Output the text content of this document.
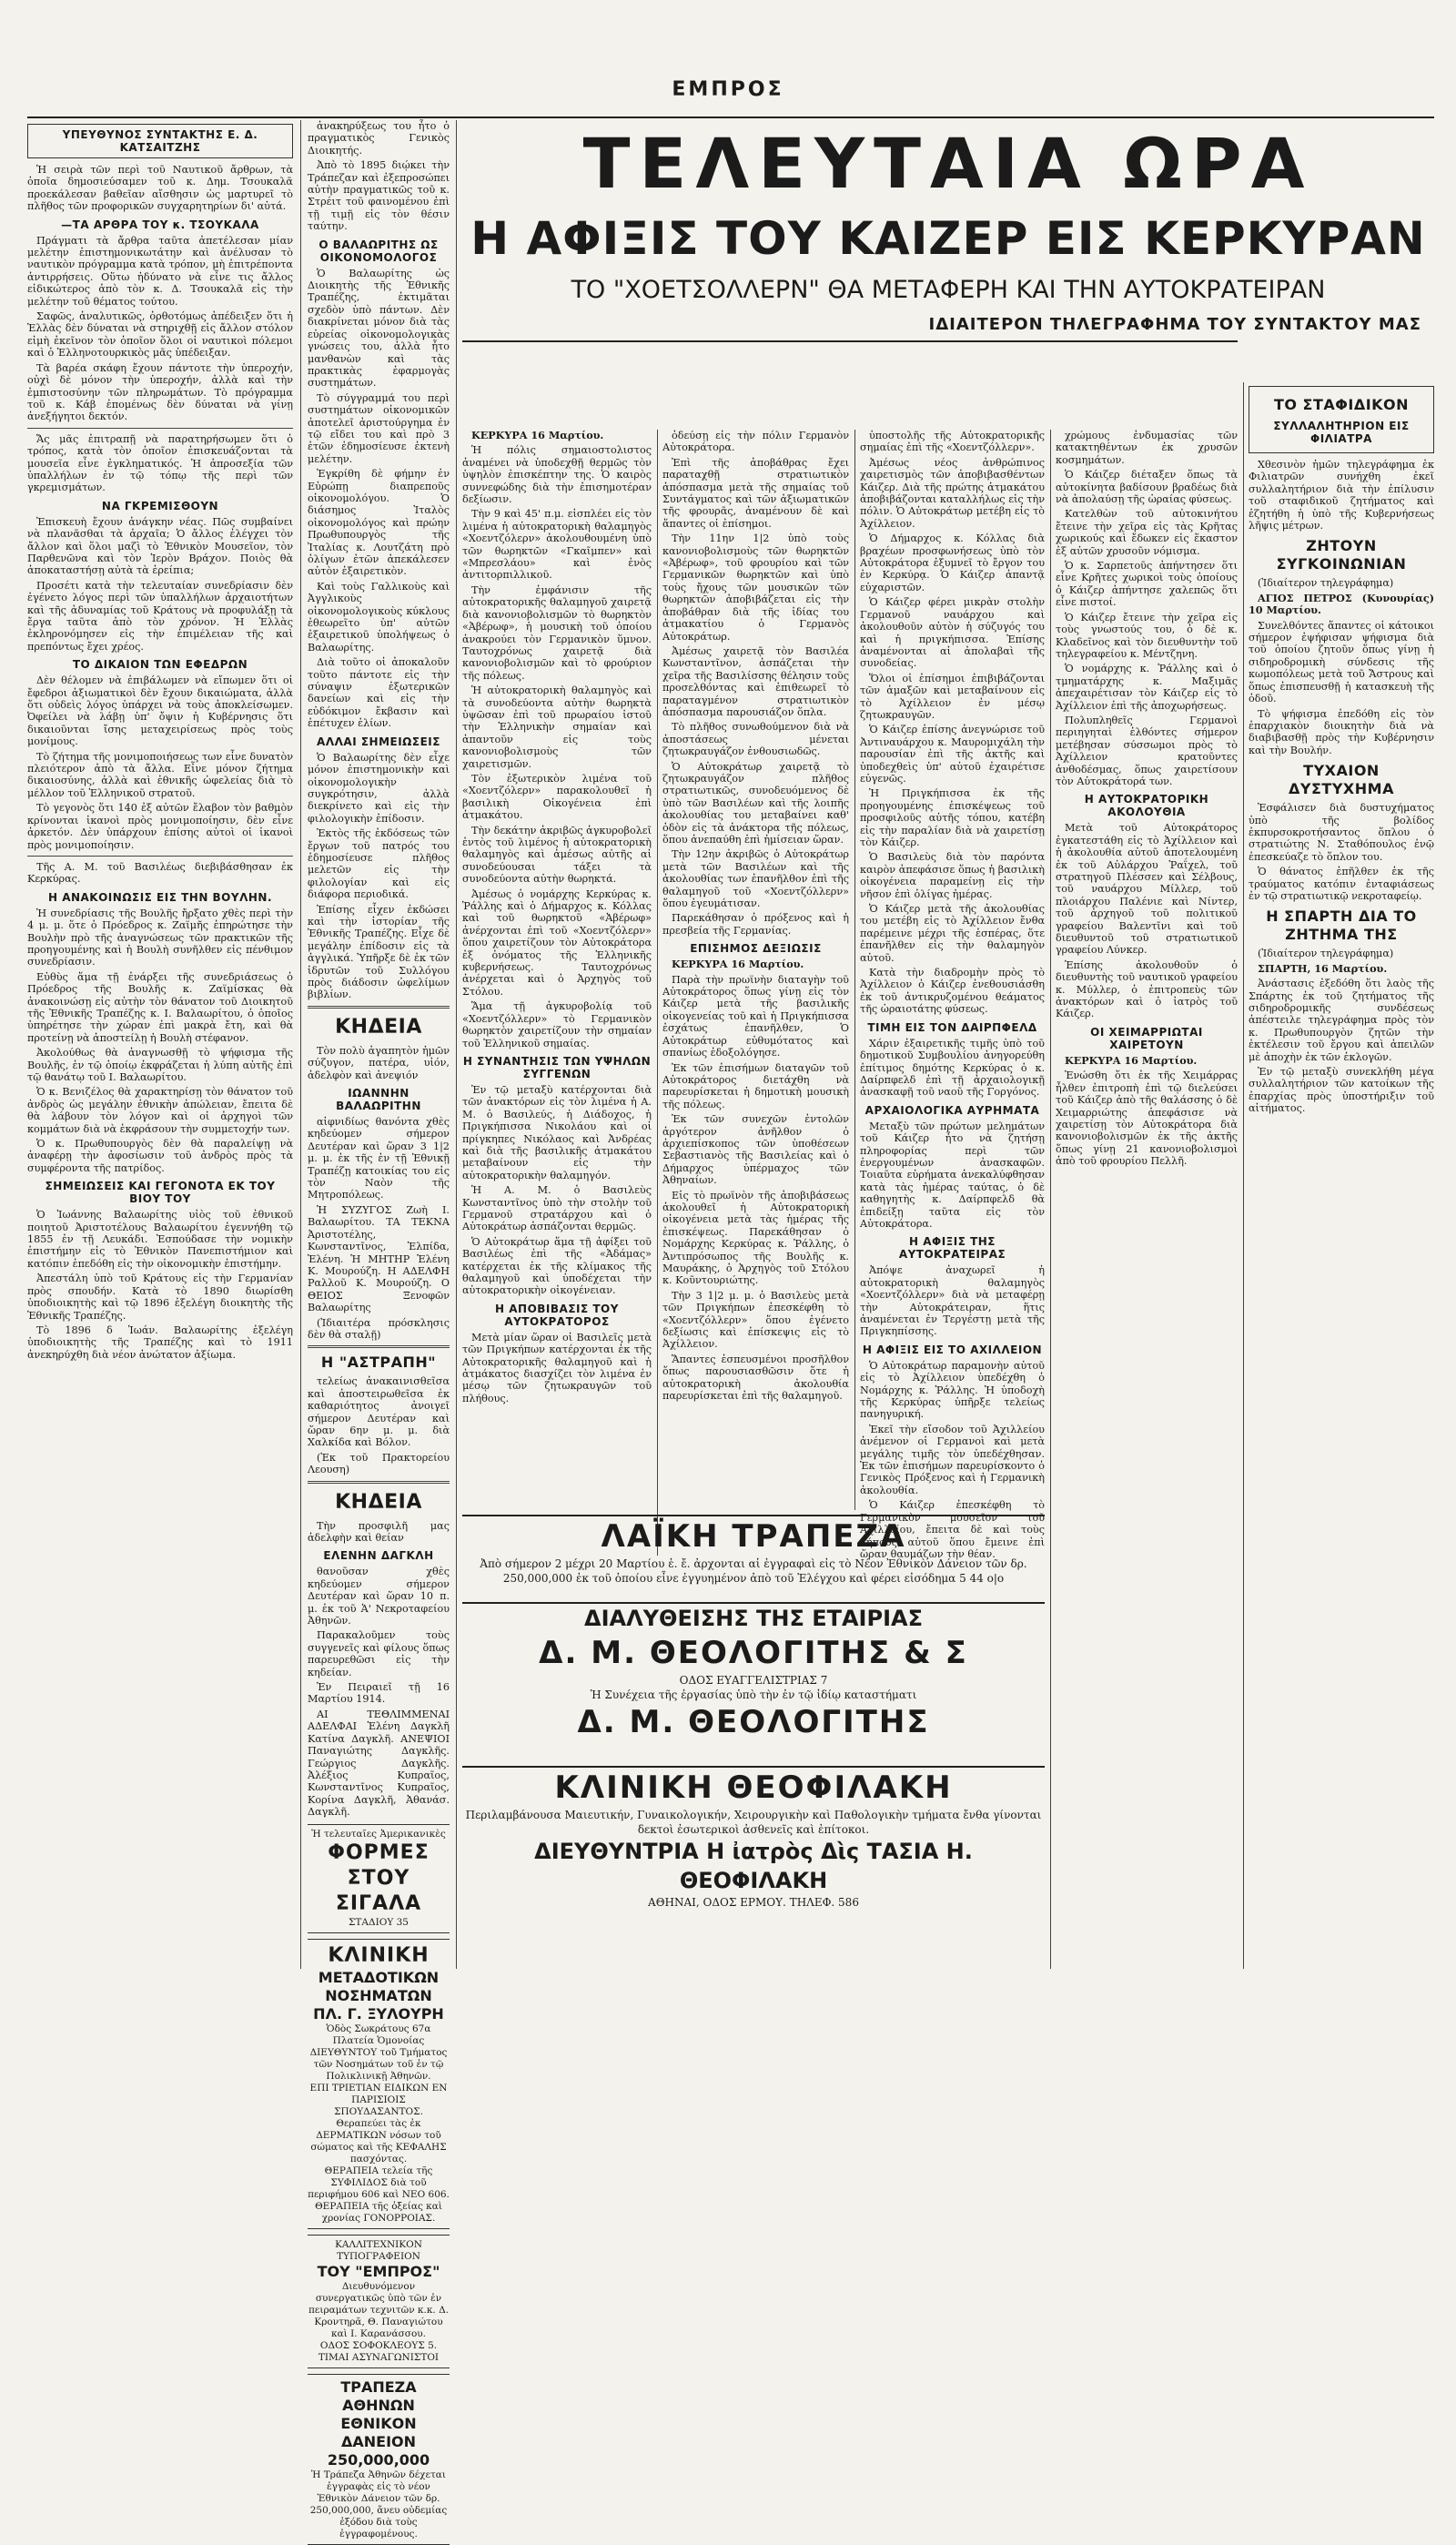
ΕΜΠΡΟΣ
ΥΠΕΥΘΥΝΟΣ ΣΥΝΤΑΚΤΗΣ Ε. Δ. ΚΑΤΣΑΙΤΖΗΣ

Ἡ σειρὰ τῶν περὶ τοῦ Ναυτικοῦ ἄρθρων, τὰ ὁποῖα δημοσιεύσαμεν τοῦ κ. Δημ. Τσουκαλᾶ προεκάλεσαν βαθεῖαν αἴσθησιν ὡς μαρτυρεῖ τὸ πλῆθος τῶν προφορικῶν συγχαρητηρίων δι' αὐτά.

—ΤΑ ΑΡΘΡΑ ΤΟΥ κ. ΤΣΟΥΚΑΛΑ

Πράγματι τὰ ἄρθρα ταῦτα ἀπετέλεσαν μίαν μελέτην ἐπιστημονικωτάτην καὶ ἀνέλυσαν τὸ ναυτικὸν πρόγραμμα κατὰ τρόπον, μὴ ἐπιτρέποντα ἀντιρρήσεις. Οὕτω ἠδύνατο νὰ εἶνε τις ἄλλος εἰδικώτερος ἀπὸ τὸν κ. Δ. Τσουκαλᾶ εἰς τὴν μελέτην τοῦ θέματος τούτου.

Σαφῶς, ἀναλυτικῶς, ὀρθοτόμως ἀπέδειξεν ὅτι ἡ Ἑλλὰς δὲν δύναται νὰ στηριχθῇ εἰς ἄλλον στόλον εἰμὴ ἐκεῖνον τὸν ὁποῖον ὅλοι οἱ ναυτικοὶ πόλεμοι καὶ ὁ Ἑλληνοτουρκικὸς μᾶς ὑπέδειξαν.

Τὰ βαρέα σκάφη ἔχουν πάντοτε τὴν ὑπεροχήν, οὐχὶ δὲ μόνον τὴν ὑπεροχήν, ἀλλὰ καὶ τὴν ἐμπιστοσύνην τῶν πληρωμάτων. Τὸ πρόγραμμα τοῦ κ. Κάβ ἐπομένως δὲν δύναται νὰ γίνῃ ἀνεξήγητοι δεκτόν.

Ἄς μᾶς ἐπιτραπῇ νὰ παρατηρήσωμεν ὅτι ὁ τρόπος, κατὰ τὸν ὁποῖον ἐπισκευάζονται τὰ μουσεῖα εἶνε ἐγκληματικός. Ἡ ἀπροσεξία τῶν ὑπαλλήλων ἐν τῷ τόπῳ τῆς περὶ τῶν γκρεμισμάτων.

ΝΑ ΓΚΡΕΜΙΣΘΟΥΝ

Ἐπισκευὴ ἔχουν ἀνάγκην νέας. Πῶς συμβαίνει νὰ πλανᾶσθαι τὰ ἀρχαῖα; Ὁ ἄλλος ἐλέγχει τὸν ἄλλον καὶ ὅλοι μαζὶ τὸ Ἐθνικὸν Μουσεῖον, τὸν Παρθενῶνα καὶ τὸν Ἱερὸν Βράχον. Ποιὸς θὰ ἀποκαταστήσῃ αὐτὰ τὰ ἐρείπια;

Προσέτι κατὰ τὴν τελευταίαν συνεδρίασιν δὲν ἐγένετο λόγος περὶ τῶν ὑπαλλήλων ἀρχαιοτήτων καὶ τῆς ἀδυναμίας τοῦ Κράτους νὰ προφυλάξῃ τὰ ἔργα ταῦτα ἀπὸ τὸν χρόνον. Ἡ Ἑλλὰς ἐκληρονόμησεν εἰς τὴν ἐπιμέλειαν τῆς καὶ πρεπόντως ἔχει χρέος.

ΤΟ ΔΙΚΑΙΟΝ ΤΩΝ ΕΦΕΔΡΩΝ

Δὲν θέλομεν νὰ ἐπιβάλωμεν νὰ εἴπωμεν ὅτι οἱ ἔφεδροι ἀξιωματικοὶ δὲν ἔχουν δικαιώματα, ἀλλὰ ὅτι οὐδεὶς λόγος ὑπάρχει νὰ τοὺς ἀποκλείσωμεν. Ὀφείλει νὰ λάβῃ ὑπ' ὄψιν ἡ Κυβέρνησις ὅτι δικαιοῦνται ἴσης μεταχειρίσεως πρὸς τοὺς μονίμους.

Τὸ ζήτημα τῆς μονιμοποιήσεως των εἶνε δυνατὸν πλειότερον ἀπὸ τὰ ἄλλα. Εἶνε μόνον ζήτημα δικαιοσύνης, ἀλλὰ καὶ ἐθνικῆς ὠφελείας διὰ τὸ μέλλον τοῦ Ἑλληνικοῦ στρατοῦ.

Τὸ γεγονὸς ὅτι 140 ἐξ αὐτῶν ἔλαβον τὸν βαθμὸν κρίνονται ἱκανοὶ πρὸς μονιμοποίησιν, δὲν εἶνε ἀρκετόν. Δὲν ὑπάρχουν ἐπίσης αὐτοὶ οἱ ἱκανοὶ πρὸς μονιμοποίησιν.

Τῆς Α. Μ. τοῦ Βασιλέως διεβιβάσθησαν ἐκ Κερκύρας.

Η ΑΝΑΚΟΙΝΩΣΙΣ ΕΙΣ ΤΗΝ ΒΟΥΛΗΝ.

Ἡ συνεδρίασις τῆς Βουλῆς ἤρξατο χθὲς περὶ τὴν 4 μ. μ. ὅτε ὁ Πρόεδρος κ. Ζαϊμῆς ἐπηρώτησε τὴν Βουλὴν πρὸ τῆς ἀναγνώσεως τῶν πρακτικῶν τῆς προηγουμένης καὶ ἡ Βουλὴ συνῆλθεν εἰς πένθιμον συνεδρίασιν.

Εὐθὺς ἅμα τῇ ἐνάρξει τῆς συνεδριάσεως ὁ Πρόεδρος τῆς Βουλῆς κ. Ζαϊμίσκας θὰ ἀνακοινώσῃ εἰς αὐτὴν τὸν θάνατον τοῦ Διοικητοῦ τῆς Ἐθνικῆς Τραπέζης κ. Ι. Βαλαωρίτου, ὁ ὁποῖος ὑπηρέτησε τὴν χώραν ἐπὶ μακρὰ ἔτη, καὶ θὰ προτείνῃ νὰ ἀποστείλῃ ἡ Βουλὴ στέφανον.

Ἀκολούθως θὰ ἀναγνωσθῇ τὸ ψήφισμα τῆς Βουλῆς, ἐν τῷ ὁποίῳ ἐκφράζεται ἡ λύπη αὐτῆς ἐπὶ τῷ θανάτῳ τοῦ Ι. Βαλαωρίτου.

Ὁ κ. Βενιζέλος θὰ χαρακτηρίσῃ τὸν θάνατον τοῦ ἀνδρὸς ὡς μεγάλην ἐθνικὴν ἀπώλειαν, ἔπειτα δὲ θὰ λάβουν τὸν λόγον καὶ οἱ ἀρχηγοὶ τῶν κομμάτων διὰ νὰ ἐκφράσουν τὴν συμμετοχήν των.

Ὁ κ. Πρωθυπουργὸς δὲν θὰ παραλείψῃ νὰ ἀναφέρῃ τὴν ἀφοσίωσιν τοῦ ἀνδρὸς πρὸς τὰ συμφέροντα τῆς πατρίδος.

ΣΗΜΕΙΩΣΕΙΣ ΚΑΙ ΓΕΓΟΝΟΤΑ ΕΚ ΤΟΥ ΒΙΟΥ ΤΟΥ

Ὁ Ἰωάννης Βαλαωρίτης υἱὸς τοῦ ἐθνικοῦ ποιητοῦ Ἀριστοτέλους Βαλαωρίτου ἐγεννήθη τῷ 1855 ἐν τῇ Λευκάδι. Ἐσπούδασε τὴν νομικὴν ἐπιστήμην εἰς τὸ Ἐθνικὸν Πανεπιστήμιον καὶ κατόπιν ἐπεδόθη εἰς τὴν οἰκονομικὴν ἐπιστήμην.

Ἀπεστάλη ὑπὸ τοῦ Κράτους εἰς τὴν Γερμανίαν πρὸς σπουδήν. Κατὰ τὸ 1890 διωρίσθη ὑποδιοικητὴς καὶ τῷ 1896 ἐξελέγη διοικητὴς τῆς Ἐθνικῆς Τραπέζης.

Τὸ 1896 δ Ἰωάν. Βαλαωρίτης ἐξελέγη ὑποδιοικητὴς τῆς Τραπέζης καὶ τὸ 1911 ἀνεκηρύχθη διὰ νέον ἀνώτατον ἀξίωμα.

ἀνακηρύξεως του ἦτο ὁ πραγματικὸς Γενικὸς Διοικητής.

Ἀπὸ τὸ 1895 διῴκει τὴν Τράπεζαν καὶ ἐξεπροσώπει αὐτὴν πραγματικῶς τοῦ κ. Στρέιτ τοῦ φαινομένου ἐπὶ τῇ τιμῇ εἰς τὸν θέσιν ταύτην.

Ο ΒΑΛΑΩΡΙΤΗΣ ΩΣ ΟΙΚΟΝΟΜΟΛΟΓΟΣ

Ὁ Βαλαωρίτης ὡς Διοικητὴς τῆς Ἐθνικῆς Τραπέζης, ἐκτιμᾶται σχεδὸν ὑπὸ πάντων. Δὲν διακρίνεται μόνον διὰ τὰς εὐρείας οἰκονομολογικὰς γνώσεις του, ἀλλὰ ἦτο μανθανὼν καὶ τὰς πρακτικὰς ἐφαρμογὰς συστημάτων.

Τὸ σύγγραμμά του περὶ συστημάτων οἰκονομικῶν ἀποτελεῖ ἀριστούργημα ἐν τῷ εἴδει του καὶ πρὸ 3 ἐτῶν ἐδημοσίευσε ἐκτενὴ μελέτην.

Ἐγκρίθη δὲ φήμην ἐν Εὐρώπῃ διαπρεποῦς οἰκονομολόγου. Ὁ διάσημος Ἰταλὸς οἰκονομολόγος καὶ πρώην Πρωθυπουργὸς τῆς Ἰταλίας κ. Λουτζάτη πρὸ ὀλίγων ἐτῶν ἀπεκάλεσεν αὐτὸν ἐξαιρετικὸν.

Καὶ τοὺς Γαλλικοὺς καὶ Ἀγγλικοὺς οἰκονομολογικοὺς κύκλους ἐθεωρεῖτο ὑπ' αὐτῶν ἐξαιρετικοῦ ὑπολήψεως ὁ Βαλαωρίτης.

Διὰ τοῦτο οἱ ἀποκαλοῦν τοῦτο πάντοτε εἰς τὴν σύναψιν ἐξωτερικῶν δανείων καὶ εἰς τὴν εὐδόκιμον ἔκβασιν καὶ ἐπέτυχεν ἐλίων.

ΑΛΛΑΙ ΣΗΜΕΙΩΣΕΙΣ

Ὁ Βαλαωρίτης δὲν εἶχε μόνον ἐπιστημονικὴν καὶ οἰκονομολογικὴν συγκρότησιν, ἀλλὰ διεκρίνετο καὶ εἰς τὴν φιλολογικὴν ἐπίδοσιν.

Ἐκτὸς τῆς ἐκδόσεως τῶν ἔργων τοῦ πατρός του ἐδημοσίευσε πλῆθος μελετῶν εἰς τὴν φιλολογίαν καὶ εἰς διάφορα περιοδικά.

Ἐπίσης εἶχεν ἐκδώσει καὶ τὴν ἱστορίαν τῆς Ἐθνικῆς Τραπέζης. Εἶχε δὲ μεγάλην ἐπίδοσιν εἰς τὰ ἀγγλικά. Ὑπῆρξε δὲ ἐκ τῶν ἱδρυτῶν τοῦ Συλλόγου πρὸς διάδοσιν ὠφελίμων βιβλίων.

ΚΗΔΕΙΑ

Τὸν πολὺ ἀγαπητὸν ἡμῶν σύζυγον, πατέρα, υἱόν, ἀδελφὸν καὶ ἀνεψιόν

ΙΩΑΝΝΗΝ ΒΑΛΑΩΡΙΤΗΝ

αἰφνιδίως θανόντα χθὲς κηδεύομεν σήμερον Δευτέραν καὶ ὥραν 3 1|2 μ. μ. ἐκ τῆς ἐν τῇ Ἐθνικῇ Τραπέζῃ κατοικίας του εἰς τὸν Ναὸν τῆς Μητροπόλεως.

Ἡ ΣΥΖΥΓΟΣ Ζωὴ Ι. Βαλαωρίτου. ΤΑ ΤΕΚΝΑ Ἀριστοτέλης, Κωνσταντῖνος, Ἐλπίδα, Ἑλένη. Ἡ ΜΗΤΗΡ Ἑλένη Κ. Μουρούζη. Η ΑΔΕΛΦΗ Ραλλοῦ Κ. Μουρούζη. Ο ΘΕΙΟΣ Ξενοφῶν Βαλαωρίτης

(Ἰδιαιτέρα πρόσκλησις δὲν θὰ σταλῇ)

Η "ΑΣΤΡΑΠΗ"

τελείως ἀνακαινισθεῖσα καὶ ἀποστειρωθεῖσα ἐκ καθαριότητος ἀνοιγεῖ σήμερον Δευτέραν καὶ ὥραν 6ην μ. μ. διὰ Χαλκίδα καὶ Βόλον.

(Ἐκ τοῦ Πρακτορείου Λεουση)

ΚΗΔΕΙΑ

Τὴν προσφιλῆ μας ἀδελφὴν καὶ θείαν

ΕΛΕΝΗΝ ΔΑΓΚΛΗ

θανοῦσαν χθὲς κηδεύομεν σήμερον Δευτέραν καὶ ὥραν 10 π. μ. ἐκ τοῦ Ἁ' Νεκροταφείου Ἀθηνῶν.

Παρακαλοῦμεν τοὺς συγγενεῖς καὶ φίλους ὅπως παρευρεθῶσι εἰς τὴν κηδείαν.

Ἐν Πειραιεῖ τῇ 16 Μαρτίου 1914.

ΑΙ ΤΕΘΛΙΜΜΕΝΑΙ ΑΔΕΛΦΑΙ Ἑλένη Δαγκλῆ Κατίνα Δαγκλῆ. ΑΝΕΨΙΟΙ Παναγιώτης Δαγκλῆς. Γεώργιος Δαγκλῆς. Ἀλέξιος Κυπραῖος, Κωνσταντῖνος Κυπραῖος, Κορίνα Δαγκλῆ, Ἀθανάσ. Δαγκλῆ.

Ἡ τελευταῖες Ἀμερικανικὲς
ΦΟΡΜΕΣ
ΣΤΟΥ ΣΙΓΑΛΑ
ΣΤΑΔΙΟΥ 35
ΚΛΙΝΙΚΗ
ΜΕΤΑΔΟΤΙΚΩΝ ΝΟΣΗΜΑΤΩΝ
ΠΛ. Γ. ΞΥΛΟΥΡΗ
Ὁδὸς Σωκράτους 67α Πλατεία Ὁμονοίας
ΔΙΕΥΘΥΝΤΟΥ τοῦ Τμήματος τῶν Νοσημάτων τοῦ ἐν τῷ Πολικλινικῇ Ἀθηνῶν.
ΕΠΙ ΤΡΙΕΤΙΑΝ ΕΙΔΙΚΩΝ ΕΝ ΠΑΡΙΣΙΟΙΣ ΣΠΟΥΔΑΣΑΝΤΟΣ.
Θεραπεύει τὰς ἐκ ΔΕΡΜΑΤΙΚΩΝ νόσων τοῦ σώματος καὶ τῆς ΚΕΦΑΛΗΣ πασχόντας.
ΘΕΡΑΠΕΙΑ τελεία τῆς ΣΥΦΙΛΙΔΟΣ διὰ τοῦ περιφήμου 606 καὶ ΝΕΟ 606. ΘΕΡΑΠΕΙΑ τῆς ὀξείας καὶ χρονίας ΓΟΝΟΡΡΟΙΑΣ.
ΚΑΛΛΙΤΕΧΝΙΚΟΝ ΤΥΠΟΓΡΑΦΕΙΟΝ
ΤΟΥ "ΕΜΠΡΟΣ"
Διευθυνόμενον συνεργατικῶς ὑπὸ τῶν ἐν πειραμάτων τεχνιτῶν κ.κ. Δ. Κροντηρᾶ, Θ. Παναγιώτου καὶ Ι. Καρανάσσου.
ΟΔΟΣ ΣΟΦΟΚΛΕΟΥΣ 5.
ΤΙΜΑΙ ΑΣΥΝΑΓΩΝΙΣΤΟΙ
ΤΡΑΠΕΖΑ ΑΘΗΝΩΝ
ΕΘΝΙΚΟΝ ΔΑΝΕΙΟΝ
250,000,000
Ἡ Τράπεζα Ἀθηνῶν δέχεται ἐγγραφὰς εἰς τὸ νέον Ἐθνικὸν Δάνειον τῶν δρ. 250,000,000, ἄνευ οὐδεμίας ἐξόδου διὰ τοὺς ἐγγραφομένους.
ΤΕΛΕΥΤΑΙΑ ΩΡΑ
Η ΑΦΙΞΙΣ ΤΟΥ ΚΑΙΖΕΡ ΕΙΣ ΚΕΡΚΥΡΑΝ
ΤΟ "ΧΟΕΤΣΟΛΛΕΡΝ" ΘΑ ΜΕΤΑΦΕΡΗ ΚΑΙ ΤΗΝ ΑΥΤΟΚΡΑΤΕΙΡΑΝ
ΙΔΙΑΙΤΕΡΟΝ ΤΗΛΕΓΡΑΦΗΜΑ ΤΟΥ ΣΥΝΤΑΚΤΟΥ ΜΑΣ

ΚΕΡΚΥΡΑ 16 Μαρτίου.

Ἡ πόλις σημαιοστολιστος ἀναμένει νὰ ὑποδεχθῇ θερμῶς τὸν ὑψηλὸν ἐπισκέπτην της. Ὁ καιρὸς συννεφώδης διὰ τὴν ἐπισημοτέραν δεξίωσιν.

Τὴν 9 καὶ 45' π.μ. εἰσπλέει εἰς τὸν λιμένα ἡ αὐτοκρατορικὴ θαλαμηγὸς «Χοεντζόλερν» ἀκολουθουμένη ὑπὸ τῶν θωρηκτῶν «Γκαῖμπεν» καὶ «Μπρεσλάου» καὶ ἑνὸς ἀντιτορπιλλικοῦ.

Τὴν ἐμφάνισιν τῆς αὐτοκρατορικῆς θαλαμηγοῦ χαιρετᾷ διὰ κανονιοβολισμῶν τὸ θωρηκτὸν «Ἀβέρωφ», ἡ μουσικὴ τοῦ ὁποίου ἀνακρούει τὸν Γερμανικὸν ὕμνον. Ταυτοχρόνως χαιρετᾷ διὰ κανονιοβολισμῶν καὶ τὸ φρούριον τῆς πόλεως.

Ἡ αὐτοκρατορικὴ θαλαμηγὸς καὶ τὰ συνοδεύοντα αὐτὴν θωρηκτὰ ὑψῶσαν ἐπὶ τοῦ πρωραίου ἱστοῦ τὴν Ἑλληνικὴν σημαίαν καὶ ἀπαντοῦν εἰς τοὺς κανονιοβολισμοὺς τῶν χαιρετισμῶν.

Τὸν ἐξωτερικὸν λιμένα τοῦ «Χοεντζόλερν» παρακολουθεῖ ἡ βασιλικὴ Οἰκογένεια ἐπὶ ἀτμακάτου.

Τὴν δεκάτην ἀκριβῶς ἀγκυροβολεῖ ἐντὸς τοῦ λιμένος ἡ αὐτοκρατορικὴ θαλαμηγὸς καὶ ἀμέσως αὐτῆς αἱ συνοδεύουσαι τάξει τὰ συνοδεύοντα αὐτὴν θωρηκτά.

Ἀμέσως ὁ νομάρχης Κερκύρας κ. Ῥάλλης καὶ ὁ Δήμαρχος κ. Κόλλας καὶ τοῦ θωρηκτοῦ «Ἀβέρωφ» ἀνέρχονται ἐπὶ τοῦ «Χοεντζόλερν» ὅπου χαιρετίζουν τὸν Αὐτοκράτορα ἐξ ὀνόματος τῆς Ἑλληνικῆς κυβερνήσεως. Ταυτοχρόνως ἀνέρχεται καὶ ὁ Ἀρχηγὸς τοῦ Στόλου.

Ἅμα τῇ ἀγκυροβολίᾳ τοῦ «Χοεντζόλλερν» τὸ Γερμανικὸν θωρηκτὸν χαιρετίζουν τὴν σημαίαν τοῦ Ἑλληνικοῦ σημαίας.

Η ΣΥΝΑΝΤΗΣΙΣ ΤΩΝ ΥΨΗΛΩΝ ΣΥΓΓΕΝΩΝ

Ἐν τῷ μεταξὺ κατέρχονται διὰ τῶν ἀνακτόρων εἰς τὸν λιμένα ἡ Α. Μ. ὁ Βασιλεύς, ἡ Διάδοχος, ἡ Πριγκήπισσα Νικολάου καὶ οἱ πρίγκηπες Νικόλαος καὶ Ἀνδρέας καὶ διὰ τῆς βασιλικῆς ἀτμακάτου μεταβαίνουν εἰς τὴν αὐτοκρατορικὴν θαλαμηγόν.

Ἡ Α. Μ. ὁ Βασιλεὺς Κωνσταντῖνος ὑπὸ τὴν στολὴν τοῦ Γερμανοῦ στρατάρχου καὶ ὁ Αὐτοκράτωρ ἀσπάζονται θερμῶς.

Ὁ Αὐτοκράτωρ ἅμα τῇ ἀφίξει τοῦ Βασιλέως ἐπὶ τῆς «Ἀδάμας» κατέρχεται ἐκ τῆς κλίμακος τῆς θαλαμηγοῦ καὶ ὑποδέχεται τὴν αὐτοκρατορικὴν οἰκογένειαν.

Η ΑΠΟΒΙΒΑΣΙΣ ΤΟΥ ΑΥΤΟΚΡΑΤΟΡΟΣ

Μετὰ μίαν ὥραν οἱ Βασιλεῖς μετὰ τῶν Πριγκήπων κατέρχονται ἐκ τῆς Αὐτοκρατορικῆς θαλαμηγοῦ καὶ ἡ ἀτμάκατος διασχίζει τὸν λιμένα ἐν μέσῳ τῶν ζητωκραυγῶν τοῦ πλήθους.

ὀδεύσῃ εἰς τὴν πόλιν Γερμανὸν Αὐτοκράτορα.

Ἐπὶ τῆς ἀποβάθρας ἔχει παραταχθῇ στρατιωτικὸν ἀπόσπασμα μετὰ τῆς σημαίας τοῦ Συντάγματος καὶ τῶν ἀξιωματικῶν τῆς φρουρᾶς, ἀναμένουν δὲ καὶ ἅπαντες οἱ ἐπίσημοι.

Τὴν 11ην 1|2 ὑπὸ τοὺς κανονιοβολισμοὺς τῶν θωρηκτῶν «Ἀβέρωφ», τοῦ φρουρίου καὶ τῶν Γερμανικῶν θωρηκτῶν καὶ ὑπὸ τοὺς ἤχους τῶν μουσικῶν τῶν θωρηκτῶν ἀποβιβάζεται εἰς τὴν ἀποβάθραν διὰ τῆς ἰδίας του ἀτμακατίου ὁ Γερμανὸς Αὐτοκράτωρ.

Ἀμέσως χαιρετᾷ τὸν Βασιλέα Κωνσταντῖνον, ἀσπάζεται τὴν χεῖρα τῆς Βασιλίσσης θέλησιν τοῦς προσελθόντας καὶ ἐπιθεωρεῖ τὸ παραταγμένον στρατιωτικὸν ἀπόσπασμα παρουσιάζον ὅπλα.

Τὸ πλῆθος συνωθούμενον διὰ νὰ ἀποστάσεως μένεται ζητωκραυγάζον ἐνθουσιωδῶς.

Ὁ Αὐτοκράτωρ χαιρετᾷ τὸ ζητωκραυγάζον πλῆθος στρατιωτικῶς, συνοδευόμενος δὲ ὑπὸ τῶν Βασιλέων καὶ τῆς λοιπῆς ἀκολουθίας του μεταβαίνει καθ' ὁδὸν εἰς τὰ ἀνάκτορα τῆς πόλεως, ὅπου ἀνεπαύθη ἐπὶ ἡμίσειαν ὥραν.

Τὴν 12ην ἀκριβῶς ὁ Αὐτοκράτωρ μετὰ τῶν Βασιλέων καὶ τῆς ἀκολουθίας των ἐπανῆλθον ἐπὶ τῆς θαλαμηγοῦ τοῦ «Χοεντζόλλερν» ὅπου ἐγευμάτισαν.

Παρεκάθησαν ὁ πρόξενος καὶ ἡ πρεσβεία τῆς Γερμανίας.

ΕΠΙΣΗΜΟΣ ΔΕΞΙΩΣΙΣ

ΚΕΡΚΥΡΑ 16 Μαρτίου.

Παρὰ τὴν πρωϊνὴν διαταγὴν τοῦ Αὐτοκράτορος ὅπως γίνῃ εἰς τὸν Κάιζερ μετὰ τῆς βασιλικῆς οἰκογενείας τοῦ καὶ ἡ Πριγκήπισσα ἐσχάτως ἐπανῆλθεν, Ὁ Αὐτοκράτωρ εὐθυμότατος καὶ σπανίως ἐδοξολόγησε.

Ἐκ τῶν ἐπισήμων διαταγῶν τοῦ Αὐτοκράτορος διετάχθη νὰ παρευρίσκεται ἡ δημοτικὴ μουσικὴ τῆς πόλεως.

Ἐκ τῶν συνεχῶν ἐντολῶν ἀργότερον ἀνῆλθον ὁ ἀρχιεπίσκοπος τῶν ὑποθέσεων Σεβαστιανὸς τῆς Βασιλείας καὶ ὁ Δήμαρχος ὑπέρμαχος τῶν Ἀθηναίων.

Εἰς τὸ πρωϊνὸν τῆς ἀποβιβάσεως ἀκολουθεῖ ἡ Αὐτοκρατορικὴ οἰκογένεια μετὰ τὰς ἡμέρας τῆς ἐπισκέψεως. Παρεκάθησαν ὁ Νομάρχης Κερκύρας κ. Ῥάλλης, ὁ Ἀντιπρόσωπος τῆς Βουλῆς κ. Μαυράκης, ὁ Ἀρχηγὸς τοῦ Στόλου κ. Κοῦντουριώτης.

Τὴν 3 1|2 μ. μ. ὁ Βασιλεὺς μετὰ τῶν Πριγκήπων ἐπεσκέφθη τὸ «Χοεντζόλλερν» ὅπου ἐγένετο δεξίωσις καὶ ἐπίσκεψις εἰς τὸ Ἀχίλλειον.

Ἅπαντες ἐσπευσμένοι προσῆλθον ὅπως παρουσιασθῶσιν ὅτε ἡ αὐτοκρατορικὴ ἀκολουθία παρευρίσκεται ἐπὶ τῆς θαλαμηγοῦ.

ΛΑΪΚΗ ΤΡΑΠΕΖΑ
Ἀπὸ σήμερον 2 μέχρι 20 Μαρτίου ἑ. ἔ. ἀρχονται αἱ ἐγγραφαὶ εἰς τὸ Νέον Ἐθνικὸν Δάνειον τῶν δρ. 250,000,000 ἐκ τοῦ ὁποίου εἶνε ἐγγυημένον ἀπὸ τοῦ Ἐλέγχου καὶ φέρει εἰσόδημα 5 44 ο|ο
ΔΙΑΛΥΘΕΙΣΗΣ ΤΗΣ ΕΤΑΙΡΙΑΣ
Δ. Μ. ΘΕΟΛΟΓΙΤΗΣ & Σ
ΟΔΟΣ ΕΥΑΓΓΕΛΙΣΤΡΙΑΣ 7
Ἡ Συνέχεια τῆς ἐργασίας ὑπὸ τὴν ἐν τῷ ἰδίῳ καταστήματι
Δ. Μ. ΘΕΟΛΟΓΙΤΗΣ
ΚΛΙΝΙΚΗ ΘΕΟΦΙΛΑΚΗ
Περιλαμβάνουσα Μαιευτικήν, Γυναικολογικήν, Χειρουργικὴν καὶ Παθολογικὴν τμήματα ἔνθα γίνονται δεκτοὶ ἐσωτερικοὶ ἀσθενεῖς καὶ ἐπίτοκοι.
ΔΙΕΥΘΥΝΤΡΙΑ Η ἰατρὸς Δὶς ΤΑΣΙΑ Η. ΘΕΟΦΙΛΑΚΗ
ΑΘΗΝΑΙ, ΟΔΟΣ ΕΡΜΟΥ. ΤΗΛΕΦ. 586

ὑποστολῆς τῆς Αὐτοκρατορικῆς σημαίας ἐπὶ τῆς «Χοεντζόλλερν».

Ἀμέσως νέος ἀνθρώπινος χαιρετισμὸς τῶν ἀποβιβασθέντων Κάιζερ. Διὰ τῆς πρώτης ἀτμακάτου ἀποβιβάζονται καταλλήλως εἰς τὴν πόλιν. Ὁ Αὐτοκράτωρ μετέβη εἰς τὸ Ἀχίλλειον.

Ὁ Δήμαρχος κ. Κόλλας διὰ βραχέων προσφωνήσεως ὑπὸ τὸν Αὐτοκράτορα ἐξυμνεῖ τὸ ἔργον του ἐν Κερκύρᾳ. Ὁ Κάιζερ ἀπαντᾷ εὐχαριστῶν.

Ὁ Κάιζερ φέρει μικρὰν στολὴν Γερμανοῦ ναυάρχου καὶ ἀκολουθοῦν αὐτὸν ἡ σύζυγός του καὶ ἡ πριγκήπισσα. Ἐπίσης ἀναμένονται αἱ ἀπολαβαὶ τῆς συνοδείας.

Ὅλοι οἱ ἐπίσημοι ἐπιβιβάζονται τῶν ἁμαξῶν καὶ μεταβαίνουν εἰς τὸ Ἀχίλλειον ἐν μέσῳ ζητωκραυγῶν.

Ὁ Κάιζερ ἐπίσης ἀνεγνώρισε τοῦ Ἀντιναυάρχου κ. Μαυρομιχάλη τὴν παρουσίαν ἐπὶ τῆς ἀκτῆς καὶ ὑποδεχθεὶς ὑπ' αὐτοῦ ἐχαιρέτισε εὐγενῶς.

Ἡ Πριγκήπισσα ἐκ τῆς προηγουμένης ἐπισκέψεως τοῦ προσφιλοῦς αὐτῆς τόπου, κατέβη εἰς τὴν παραλίαν διὰ νὰ χαιρετίσῃ τὸν Κάιζερ.

Ὁ Βασιλεὺς διὰ τὸν παρόντα καιρὸν ἀπεφάσισε ὅπως ἡ βασιλικὴ οἰκογένεια παραμείνῃ εἰς τὴν νῆσον ἐπὶ ὀλίγας ἡμέρας.

Ὁ Κάιζερ μετὰ τῆς ἀκολουθίας του μετέβη εἰς τὸ Ἀχίλλειον ἔνθα παρέμεινε μέχρι τῆς ἑσπέρας, ὅτε ἐπανῆλθεν εἰς τὴν θαλαμηγὸν αὐτοῦ.

Κατὰ τὴν διαδρομὴν πρὸς τὸ Ἀχίλλειον ὁ Κάιζερ ἐνεθουσιάσθη ἐκ τοῦ ἀντικρυζομένου θεάματος τῆς ὡραιοτάτης φύσεως.

ΤΙΜΗ ΕΙΣ ΤΟΝ ΔΑΙΡΠΦΕΛΔ

Χάριν ἐξαιρετικῆς τιμῆς ὑπὸ τοῦ δημοτικοῦ Συμβουλίου ἀνηγορεύθη ἐπίτιμος δημότης Κερκύρας ὁ κ. Δαίρπφελδ ἐπὶ τῇ ἀρχαιολογικῇ ἀνασκαφῇ τοῦ ναοῦ τῆς Γοργόνος.

ΑΡΧΑΙΟΛΟΓΙΚΑ ΑΥΡΗΜΑΤΑ

Μεταξὺ τῶν πρώτων μελημάτων τοῦ Κάιζερ ἦτο νὰ ζητήσῃ πληροφορίας περὶ τῶν ἐνεργουμένων ἀνασκαφῶν. Τοιαῦτα εὑρήματα ἀνεκαλύφθησαν κατὰ τὰς ἡμέρας ταύτας, ὁ δὲ καθηγητὴς κ. Δαίρπφελδ θὰ ἐπιδείξῃ ταῦτα εἰς τὸν Αὐτοκράτορα.

Η ΑΦΙΞΙΣ ΤΗΣ ΑΥΤΟΚΡΑΤΕΙΡΑΣ

Ἀπόψε ἀναχωρεῖ ἡ αὐτοκρατορικὴ θαλαμηγὸς «Χοεντζόλλερν» διὰ νὰ μεταφέρῃ τὴν Αὐτοκράτειραν, ἥτις ἀναμένεται ἐν Τεργέστῃ μετὰ τῆς Πριγκηπίσσης.

Η ΑΦΙΞΙΣ ΕΙΣ ΤΟ ΑΧΙΛΛΕΙΟΝ

Ὁ Αὐτοκράτωρ παραμονὴν αὐτοῦ εἰς τὸ Ἀχίλλειον ὑπεδέχθη ὁ Νομάρχης κ. Ῥάλλης. Ἡ ὑποδοχὴ τῆς Κερκύρας ὑπῆρξε τελείως πανηγυρική.

Ἐκεῖ τὴν εἴσοδον τοῦ Ἀχιλλείου ἀνέμενον οἱ Γερμανοὶ καὶ μετὰ μεγάλης τιμῆς τὸν ὑπεδέχθησαν. Ἐκ τῶν ἐπισήμων παρευρίσκοντο ὁ Γενικὸς Πρόξενος καὶ ἡ Γερμανικὴ ἀκολουθία.

Ὁ Κάιζερ ἐπεσκέφθη τὸ Γερμανικὸν μουσεῖον τοῦ Ἀχιλλείου, ἔπειτα δὲ καὶ τοὺς κήπους αὐτοῦ ὅπου ἔμεινε ἐπὶ ὥραν θαυμάζων τὴν θέαν.

χρώμους ἐνδυμασίας τῶν κατακτηθέντων ἐκ χρυσῶν κοσμημάτων.

Ὁ Κάιζερ διέταξεν ὅπως τὰ αὐτοκίνητα βαδίσουν βραδέως διὰ νὰ ἀπολαύσῃ τῆς ὡραίας φύσεως.

Κατελθὼν τοῦ αὐτοκινήτου ἔτεινε τὴν χεῖρα εἰς τὰς Κρῆτας χωρικούς καὶ ἔδωκεν εἰς ἕκαστον ἐξ αὐτῶν χρυσοῦν νόμισμα.

Ὁ κ. Σαρπετοῦς ἀπήντησεν ὅτι εἶνε Κρῆτες χωρικοὶ τοὺς ὁποίους ὁ Κάιζερ ἀπήντησε χαλεπῶς ὅτι εἶνε πιστοί.

Ὁ Κάιζερ ἔτεινε τὴν χεῖρα εἰς τοὺς γνωστούς του, ὁ δὲ κ. Κλαδεῖνος καὶ τὸν διευθυντὴν τοῦ τηλεγραφείου κ. Μέντζηνη.

Ὁ νομάρχης κ. Ῥάλλης καὶ ὁ τμηματάρχης κ. Μαξιμᾶς ἀπεχαιρέτισαν τὸν Κάιζερ εἰς τὸ Ἀχίλλειον ἐπὶ τῆς ἀποχωρήσεως.

Πολυπληθεῖς Γερμανοὶ περιηγηταὶ ἐλθόντες σήμερον μετέβησαν σύσσωμοι πρὸς τὸ Ἀχίλλειον κρατοῦντες ἀνθοδέσμας, ὅπως χαιρετίσουν τὸν Αὐτοκράτορά των.

Η ΑΥΤΟΚΡΑΤΟΡΙΚΗ ΑΚΟΛΟΥΘΙΑ

Μετὰ τοῦ Αὐτοκράτορος ἐγκατεστάθη εἰς τὸ Ἀχίλλειον καὶ ἡ ἀκολουθία αὐτοῦ ἀποτελουμένη ἐκ τοῦ Αὐλάρχου Ῥαΐχελ, τοῦ στρατηγοῦ Πλέσσεν καὶ Σέλβους, τοῦ ναυάρχου Μίλλερ, τοῦ πλοιάρχου Παλένιε καὶ Νίντερ, τοῦ ἀρχηγοῦ τοῦ πολιτικοῦ γραφείου Βαλεντῖνι καὶ τοῦ διευθυντοῦ τοῦ στρατιωτικοῦ γραφείου Λύνκερ.

Ἐπίσης ἀκολουθοῦν ὁ διευθυντὴς τοῦ ναυτικοῦ γραφείου κ. Μύλλερ, ὁ ἐπιτροπεὺς τῶν ἀνακτόρων καὶ ὁ ἰατρὸς τοῦ Κάιζερ.

ΟΙ ΧΕΙΜΑΡΡΙΩΤΑΙ ΧΑΙΡΕΤΟΥΝ

ΚΕΡΚΥΡΑ 16 Μαρτίου.

Ἐνώσθη ὅτι ἐκ τῆς Χειμάρρας ἦλθεν ἐπιτροπὴ ἐπὶ τῷ διελεύσει τοῦ Κάιζερ ἀπὸ τῆς θαλάσσης ὁ δὲ Χειμαρριώτης ἀπεφάσισε νὰ χαιρετίσῃ τὸν Αὐτοκράτορα διὰ κανονιοβολισμῶν ἐκ τῆς ἀκτῆς ὅπως γίνῃ 21 κανονιοβολισμοὶ ἀπὸ τοῦ φρουρίου Πελλῆ.

ΤΟ ΣΤΑΦΙΔΙΚΟΝ
ΣΥΛΛΑΛΗΤΗΡΙΟΝ ΕΙΣ ΦΙΛΙΑΤΡΑ

Χθεσινὸν ἡμῶν τηλεγράφημα ἐκ Φιλιατρῶν συνήχθη ἐκεῖ συλλαλητήριον διὰ τὴν ἐπίλυσιν τοῦ σταφιδικοῦ ζητήματος καὶ ἐζητήθη ἡ ὑπὸ τῆς Κυβερνήσεως λῆψις μέτρων.

ΖΗΤΟΥΝ ΣΥΓΚΟΙΝΩΝΙΑΝ

(Ἰδιαίτερον τηλεγράφημα)

ΑΓΙΟΣ ΠΕΤΡΟΣ (Κυνουρίας) 10 Μαρτίου.

Συνελθόντες ἅπαντες οἱ κάτοικοι σήμερον ἐψήφισαν ψήφισμα διὰ τοῦ ὁποίου ζητοῦν ὅπως γίνῃ ἡ σιδηροδρομικὴ σύνδεσις τῆς κωμοπόλεως μετὰ τοῦ Ἄστρους καὶ ὅπως ἐπισπευσθῇ ἡ κατασκευὴ τῆς ὁδοῦ.

Τὸ ψήφισμα ἐπεδόθη εἰς τὸν ἐπαρχιακὸν διοικητὴν διὰ νὰ διαβιβασθῇ πρὸς τὴν Κυβέρνησιν καὶ τὴν Βουλήν.

ΤΥΧΑΙΟΝ ΔΥΣΤΥΧΗΜΑ

Ἐσφάλισεν διὰ δυστυχήματος ὑπὸ τῆς βολίδος ἐκπυρσοκροτήσαντος ὅπλου ὁ στρατιώτης Ν. Σταθόπουλος ἐνῷ ἐπεσκεύαζε τὸ ὅπλον του.

Ὁ θάνατος ἐπῆλθεν ἐκ τῆς τραύματος κατόπιν ἐνταφιάσεως ἐν τῷ στρατιωτικῷ νεκροταφείῳ.

Η ΣΠΑΡΤΗ ΔΙΑ ΤΟ ΖΗΤΗΜΑ ΤΗΣ

(Ἰδιαίτερον τηλεγράφημα)

ΣΠΑΡΤΗ, 16 Μαρτίου.

Ἀνάστασις ἐξεδόθη ὅτι λαὸς τῆς Σπάρτης ἐκ τοῦ ζητήματος τῆς σιδηροδρομικῆς συνδέσεως ἀπέστειλε τηλεγράφημα πρὸς τὸν κ. Πρωθυπουργὸν ζητῶν τὴν ἐκτέλεσιν τοῦ ἔργου καὶ ἀπειλῶν μὲ ἀποχὴν ἐκ τῶν ἐκλογῶν.

Ἐν τῷ μεταξὺ συνεκλήθη μέγα συλλαλητήριον τῶν κατοίκων τῆς ἐπαρχίας πρὸς ὑποστήριξιν τοῦ αἰτήματος.
